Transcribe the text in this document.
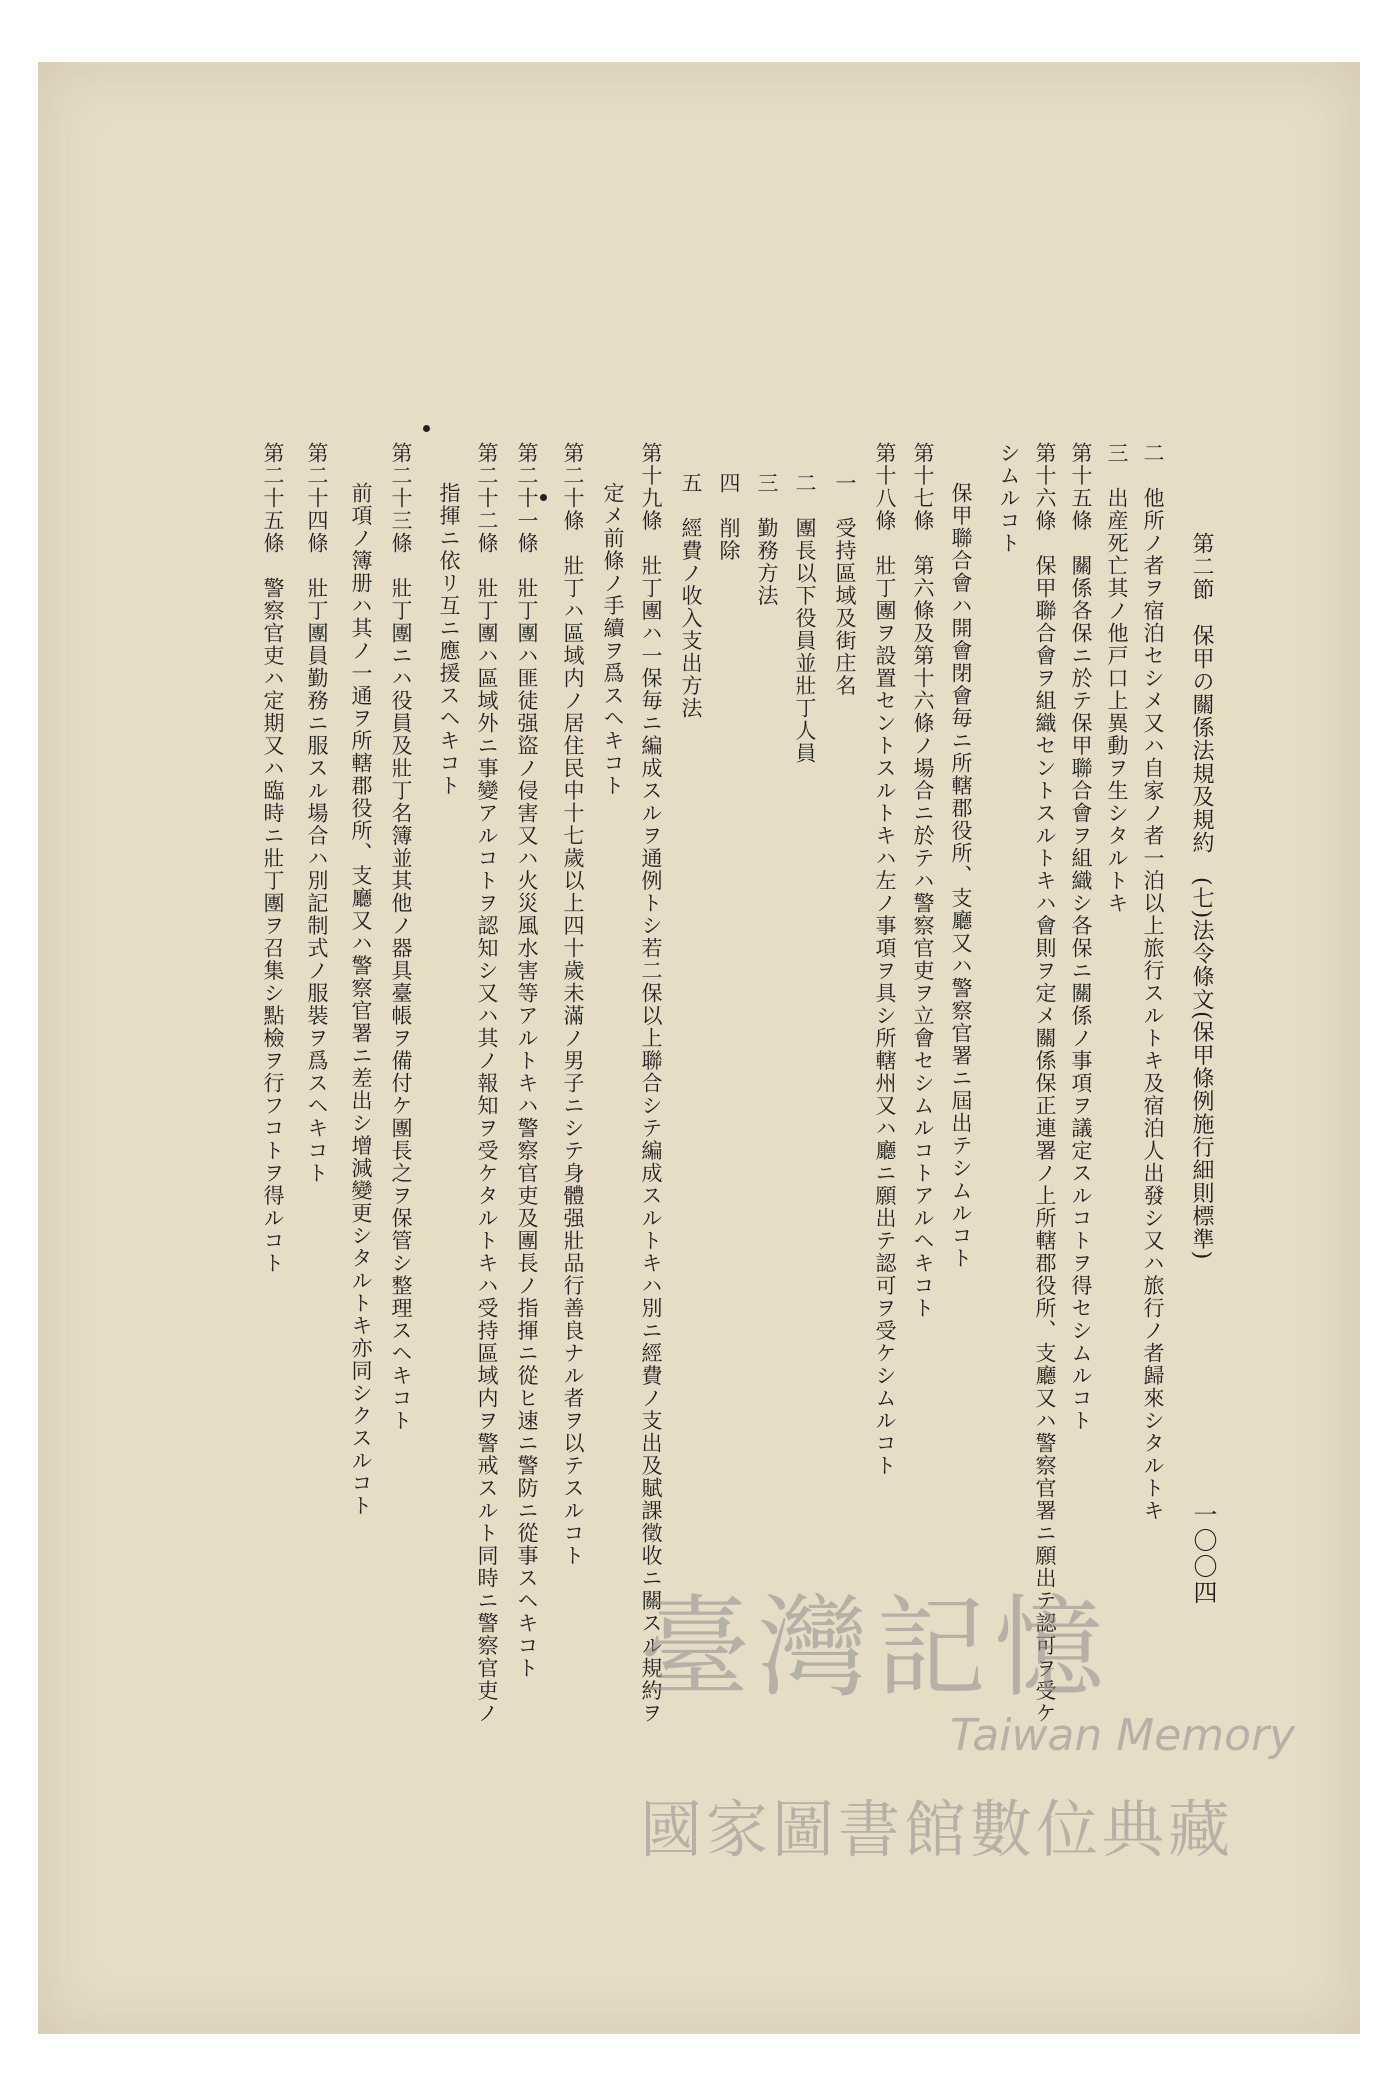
第二節　保甲の關係法規及規約　(七)法令條文(保甲條例施行細則標準)
一〇〇四
二　他所ノ者ヲ宿泊セシメ又ハ自家ノ者一泊以上旅行スルトキ及宿泊人出發シ又ハ旅行ノ者歸來シタルトキ
三　出産死亡其ノ他戸口上異動ヲ生シタルトキ
第十五條　關係各保ニ於テ保甲聯合會ヲ組織シ各保ニ關係ノ事項ヲ議定スルコトヲ得セシムルコト
第十六條　保甲聯合會ヲ組織セントスルトキハ會則ヲ定メ關係保正連署ノ上所轄郡役所、支廳又ハ警察官署ニ願出テ認可ヲ受ケ
シムルコト
保甲聯合會ハ開會閉會毎ニ所轄郡役所、支廳又ハ警察官署ニ屆出テシムルコト
第十七條　第六條及第十六條ノ場合ニ於テハ警察官吏ヲ立會セシムルコトアルヘキコト
第十八條　壯丁團ヲ設置セントスルトキハ左ノ事項ヲ具シ所轄州又ハ廳ニ願出テ認可ヲ受ケシムルコト
一　受持區域及街庄名
二　團長以下役員並壯丁人員
三　勤務方法
四　削除
五　經費ノ收入支出方法
第十九條　壯丁團ハ一保毎ニ編成スルヲ通例トシ若二保以上聯合シテ編成スルトキハ別ニ經費ノ支出及賦課徵收ニ關スル規約ヲ
定メ前條ノ手續ヲ爲スヘキコト
第二十條　壯丁ハ區域内ノ居住民中十七歲以上四十歲未滿ノ男子ニシテ身體强壯品行善良ナル者ヲ以テスルコト
第二十一條　壯丁團ハ匪徒强盜ノ侵害又ハ火災風水害等アルトキハ警察官吏及團長ノ指揮ニ從ヒ速ニ警防ニ從事スヘキコト
第二十二條　壯丁團ハ區域外ニ事變アルコトヲ認知シ又ハ其ノ報知ヲ受ケタルトキハ受持區域内ヲ警戒スルト同時ニ警察官吏ノ
指揮ニ依リ互ニ應援スヘキコト
第二十三條　壯丁團ニハ役員及壯丁名簿並其他ノ器具臺帳ヲ備付ケ團長之ヲ保管シ整理スヘキコト
前項ノ簿册ハ其ノ一通ヲ所轄郡役所、支廳又ハ警察官署ニ差出シ增減變更シタルトキ亦同シクスルコト
第二十四條　壯丁團員勤務ニ服スル場合ハ別記制式ノ服裝ヲ爲スヘキコト
第二十五條　警察官吏ハ定期又ハ臨時ニ壯丁團ヲ召集シ點檢ヲ行フコトヲ得ルコト
臺灣記憶
Taiwan Memory
國家圖書館數位典藏
